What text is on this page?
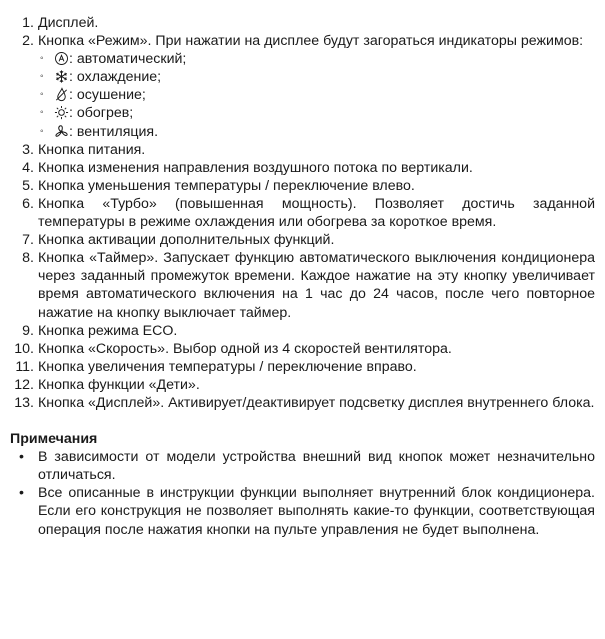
1. Дисплей.
2. Кнопка «Режим». При нажатии на дисплее будут загораться индикаторы режимов:
◦ : автоматический;
◦ : охлаждение;
◦ : осушение;
◦ : обогрев;
◦ : вентиляция.
3. Кнопка питания.
4. Кнопка изменения направления воздушного потока по вертикали.
5. Кнопка уменьшения температуры / переключение влево.
6. Кнопка «Турбо» (повышенная мощность). Позволяет достичь заданной температуры в режиме охлаждения или обогрева за короткое время.
7. Кнопка активации дополнительных функций.
8. Кнопка «Таймер». Запускает функцию автоматического выключения кондиционера через заданный промежуток времени. Каждое нажатие на эту кнопку увеличивает время автоматического включения на 1 час до 24 часов, после чего повторное нажатие на кнопку выключает таймер.
9. Кнопка режима ECO.
10. Кнопка «Скорость». Выбор одной из 4 скоростей вентилятора.
11. Кнопка увеличения температуры / переключение вправо.
12. Кнопка функции «Дети».
13. Кнопка «Дисплей». Активирует/деактивирует подсветку дисплея внутреннего блока.
Примечания
• В зависимости от модели устройства внешний вид кнопок может незначительно отличаться.
• Все описанные в инструкции функции выполняет внутренний блок кондиционера. Если его конструкция не позволяет выполнять какие-то функции, соответствующая операция после нажатия кнопки на пульте управления не будет выполнена.
